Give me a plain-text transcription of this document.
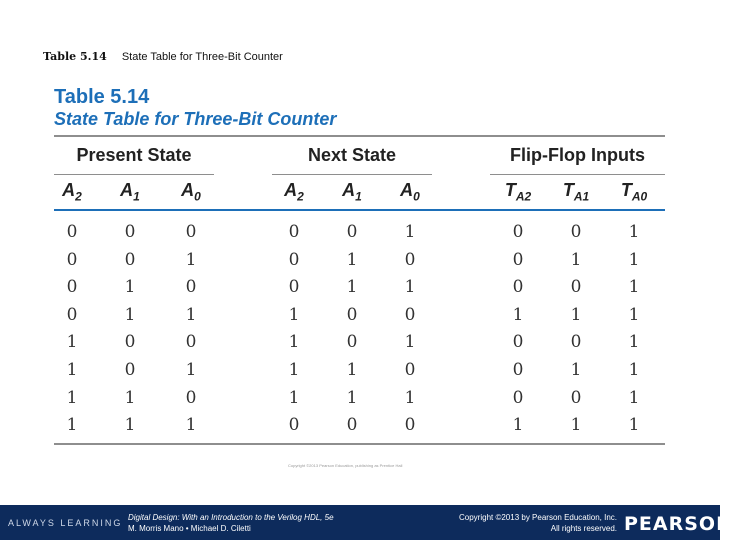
Table 5.14 State Table for Three-Bit Counter
Table 5.14
State Table for Three-Bit Counter
Present State	Next State	Flip-Flop Inputs
$A_2$	$A_1$	$A_0$	$A_2$	$A_1$	$A_0$	$T_{A2}$	$T_{A1}$	$T_{A0}$
0	0	0	0	0	1	0	0	1
0	0	1	0	1	0	0	1	1
0	1	0	0	1	1	0	0	1
0	1	1	1	0	0	1	1	1
1	0	0	1	0	1	0	0	1
1	0	1	1	1	0	0	1	1
1	1	0	1	1	1	0	0	1
1	1	1	0	0	0	1	1	1
Copyright ©2013 Pearson Education, publishing as Prentice Hall
ALWAYS LEARNING
Digital Design: With an Introduction to the Verilog HDL, 5e
M. Morris Mano • Michael D. Ciletti
Copyright ©2013 by Pearson Education, Inc.
All rights reserved. PEARSON
